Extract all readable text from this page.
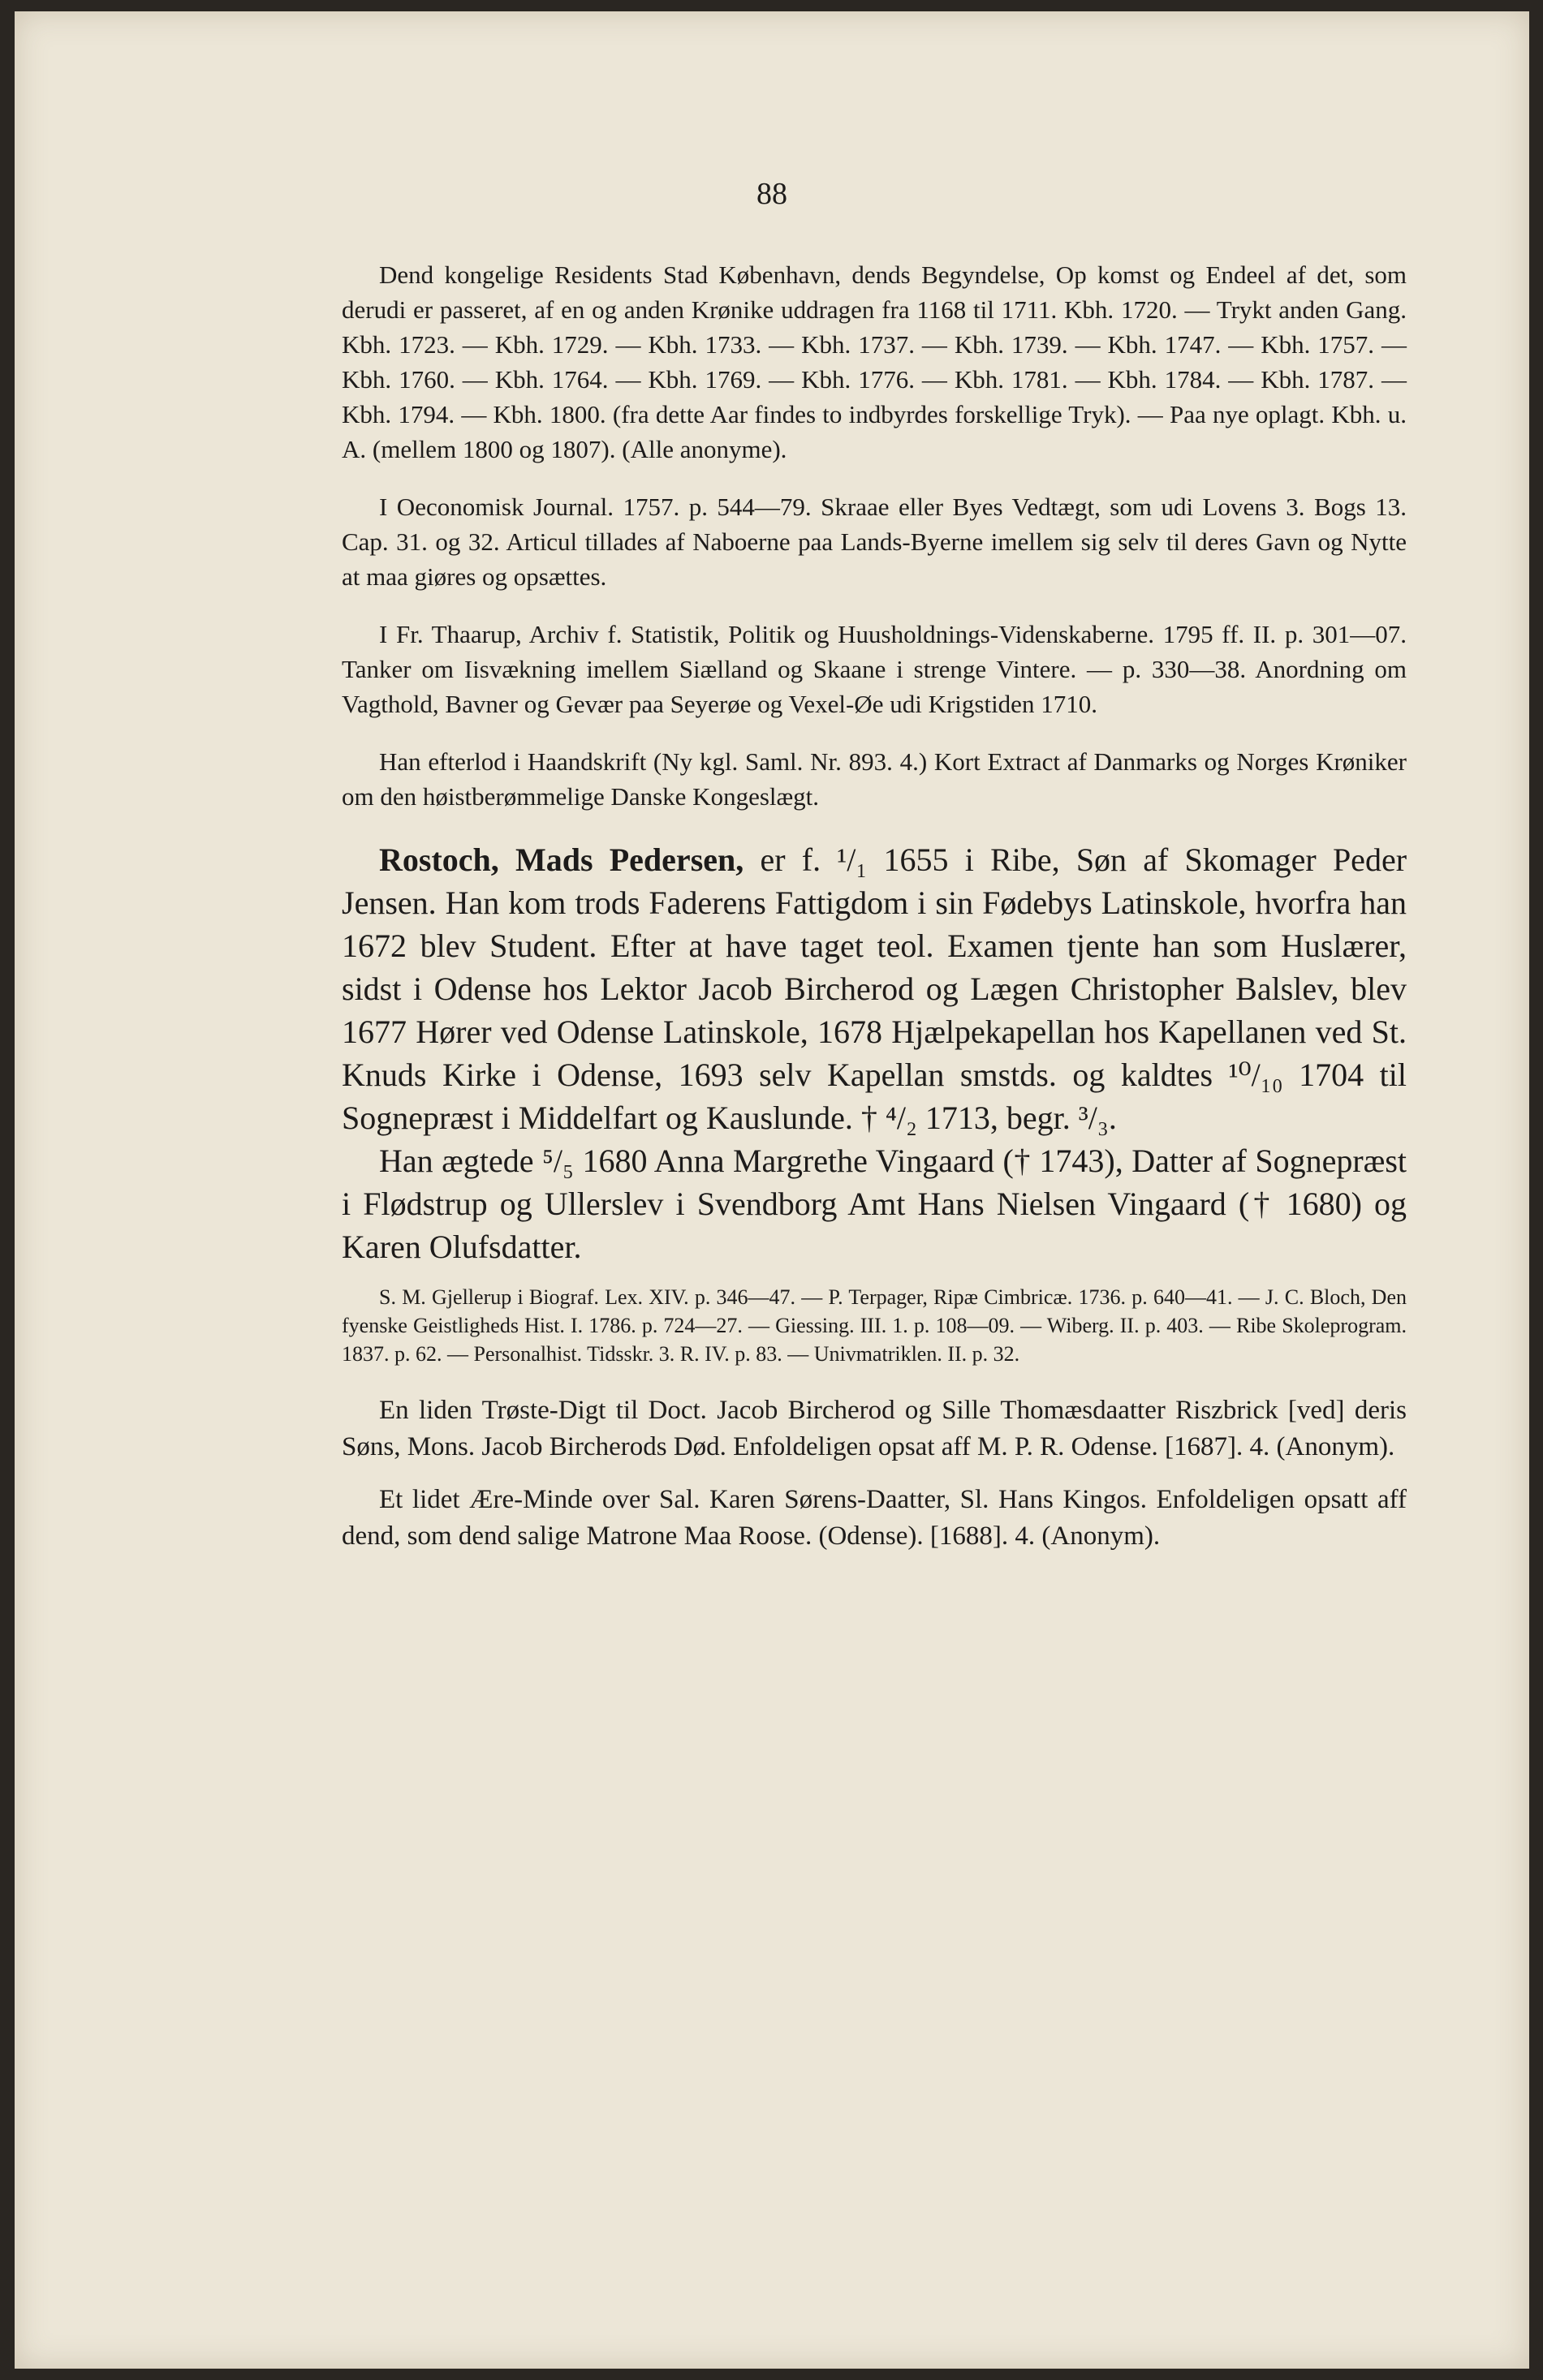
88

Dend kongelige Residents Stad København, dends Begyndelse, Op komst og Endeel af det, som derudi er passeret, af en og anden Krønike uddragen fra 1168 til 1711. Kbh. 1720. — Trykt anden Gang. Kbh. 1723. — Kbh. 1729. — Kbh. 1733. — Kbh. 1737. — Kbh. 1739. — Kbh. 1747. — Kbh. 1757. — Kbh. 1760. — Kbh. 1764. — Kbh. 1769. — Kbh. 1776. — Kbh. 1781. — Kbh. 1784. — Kbh. 1787. — Kbh. 1794. — Kbh. 1800. (fra dette Aar findes to indbyrdes forskellige Tryk). — Paa nye oplagt. Kbh. u. A. (mellem 1800 og 1807). (Alle anonyme).

I Oeconomisk Journal. 1757. p. 544—79. Skraae eller Byes Vedtægt, som udi Lovens 3. Bogs 13. Cap. 31. og 32. Articul tillades af Naboerne paa Lands-Byerne imellem sig selv til deres Gavn og Nytte at maa giøres og opsættes.

I Fr. Thaarup, Archiv f. Statistik, Politik og Huusholdnings-Videnskaberne. 1795 ff. II. p. 301—07. Tanker om Iisvækning imellem Siælland og Skaane i strenge Vintere. — p. 330—38. Anordning om Vagthold, Bavner og Gevær paa Seyerøe og Vexel-Øe udi Krigstiden 1710.

Han efterlod i Haandskrift (Ny kgl. Saml. Nr. 893. 4.) Kort Extract af Danmarks og Norges Krøniker om den høistberømmelige Danske Kongeslægt.

Rostoch, Mads Pedersen, er f. ¹/₁ 1655 i Ribe, Søn af Skomager Peder Jensen. Han kom trods Faderens Fattigdom i sin Fødebys Latinskole, hvorfra han 1672 blev Student. Efter at have taget teol. Examen tjente han som Huslærer, sidst i Odense hos Lektor Jacob Bircherod og Lægen Christopher Balslev, blev 1677 Hører ved Odense Latinskole, 1678 Hjælpekapellan hos Kapellanen ved St. Knuds Kirke i Odense, 1693 selv Kapellan smstds. og kaldtes ¹⁰/₁₀ 1704 til Sognepræst i Middelfart og Kauslunde. † ⁴/₂ 1713, begr. ³/₃.

Han ægtede ⁵/₅ 1680 Anna Margrethe Vingaard († 1743), Datter af Sognepræst i Flødstrup og Ullerslev i Svendborg Amt Hans Nielsen Vingaard († 1680) og Karen Olufsdatter.

S. M. Gjellerup i Biograf. Lex. XIV. p. 346—47. — P. Terpager, Ripæ Cimbricæ. 1736. p. 640—41. — J. C. Bloch, Den fyenske Geistligheds Hist. I. 1786. p. 724—27. — Giessing. III. 1. p. 108—09. — Wiberg. II. p. 403. — Ribe Skoleprogram. 1837. p. 62. — Personalhist. Tidsskr. 3. R. IV. p. 83. — Univmatriklen. II. p. 32.

En liden Trøste-Digt til Doct. Jacob Bircherod og Sille Thomæsdaatter Riszbrick [ved] deris Søns, Mons. Jacob Bircherods Død. Enfoldeligen opsat aff M. P. R. Odense. [1687]. 4. (Anonym).

Et lidet Ære-Minde over Sal. Karen Sørens-Daatter, Sl. Hans Kingos. Enfoldeligen opsatt aff dend, som dend salige Matrone Maa Roose. (Odense). [1688]. 4. (Anonym).
